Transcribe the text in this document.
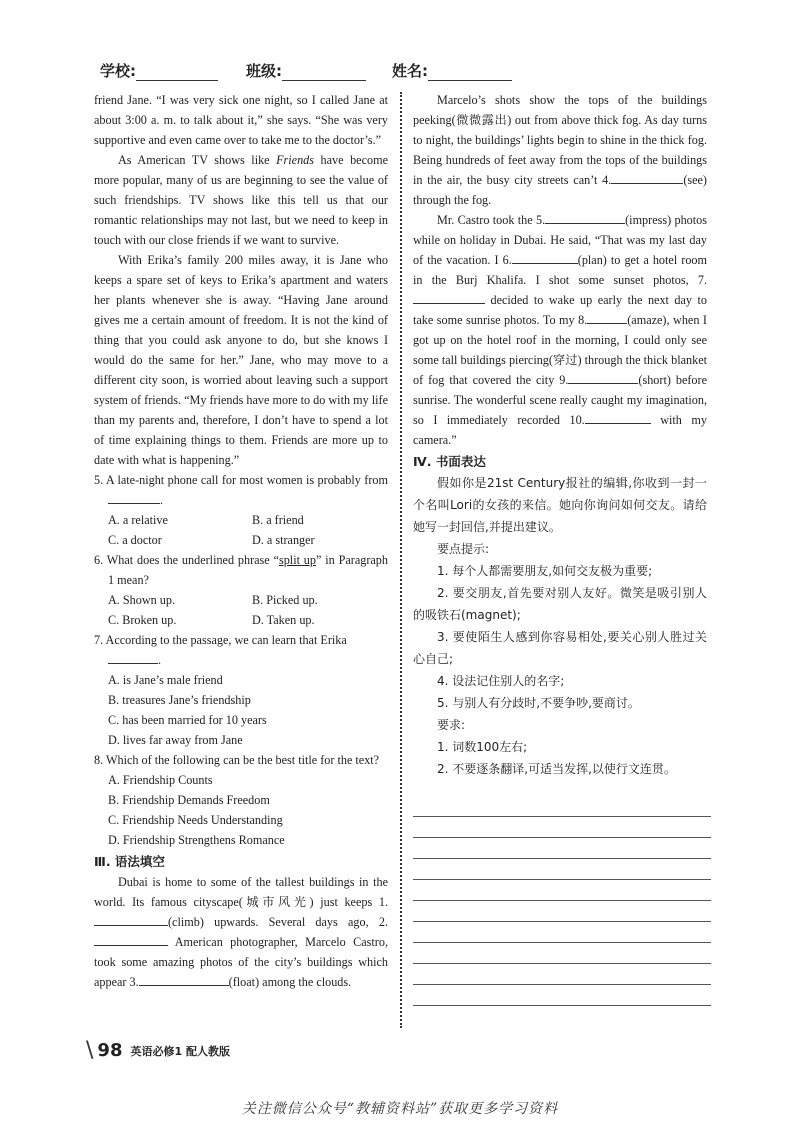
学校:	班级:	姓名:

friend Jane. “I was very sick one night, so I called Jane at about 3:00 a. m. to talk about it,” she says. “She was very supportive and even came over to take me to the doctor’s.”

As American TV shows like Friends have become more popular, many of us are beginning to see the value of such friendships. TV shows like this tell us that our romantic relationships may not last, but we need to keep in touch with our close friends if we want to survive.

With Erika’s family 200 miles away, it is Jane who keeps a spare set of keys to Erika’s apartment and waters her plants whenever she is away. “Having Jane around gives me a certain amount of freedom. It is not the kind of thing that you could ask anyone to do, but she knows I would do the same for her.” Jane, who may move to a different city soon, is worried about leaving such a support system of friends. “My friends have more to do with my life than my parents and, therefore, I don’t have to spend a lot of time explaining things to them. Friends are more up to date with what is happening.”

5. A late-night phone call for most women is probably from .

A. a relative	B. a friend
C. a doctor	D. a stranger

6. What does the underlined phrase “split up” in Paragraph 1 mean?

A. Shown up.	B. Picked up.
C. Broken up.	D. Taken up.

7. According to the passage, we can learn that Erika
.

A. is Jane’s male friend
B. treasures Jane’s friendship
C. has been married for 10 years
D. lives far away from Jane

8. Which of the following can be the best title for the text?

A. Friendship Counts
B. Friendship Demands Freedom
C. Friendship Needs Understanding
D. Friendship Strengthens Romance
Ⅲ. 语法填空

Dubai is home to some of the tallest buildings in the world. Its famous cityscape(城市风光) just keeps 1.(climb) upwards. Several days ago, 2. American photographer, Marcelo Castro, took some amazing photos of the city’s buildings which appear 3.	(float) among the clouds.

Marcelo’s shots show the tops of the buildings peeking(微微露出) out from above thick fog. As day turns to night, the buildings’ lights begin to shine in the thick fog. Being hundreds of feet away from the tops of the buildings in the air, the busy city streets can’t 4.	(see) through the fog.

Mr. Castro took the 5.	(impress) photos while on holiday in Dubai. He said, “That was my last day of the vacation. I 6.	(plan) to get a hotel room in the Burj Khalifa. I shot some sunset photos, 7. decided to wake up early the next day to take some sunrise photos. To my 8.	(amaze), when I got up on the hotel roof in the morning, I could only see some tall buildings piercing(穿过) through the thick blanket of fog that covered the city 9.	(short) before sunrise. The wonderful scene really caught my imagination, so I immediately recorded 10.	with my camera.”

Ⅳ. 书面表达

假如你是21st Century报社的编辑,你收到一封一个名叫Lori的女孩的来信。她向你询问如何交友。请给她写一封回信,并提出建议。

要点提示:

1. 每个人都需要朋友,如何交友极为重要;

2. 要交朋友,首先要对别人友好。微笑是吸引别人的吸铁石(magnet);

3. 要使陌生人感到你容易相处,要关心别人胜过关心自己;

4. 设法记住别人的名字;

5. 与别人有分歧时,不要争吵,要商讨。

要求:

1. 词数100左右;

2. 不要逐条翻译,可适当发挥,以使行文连贯。

\ 98 英语必修1 配人教版
关注微信公众号“教辅资料站”获取更多学习资料
